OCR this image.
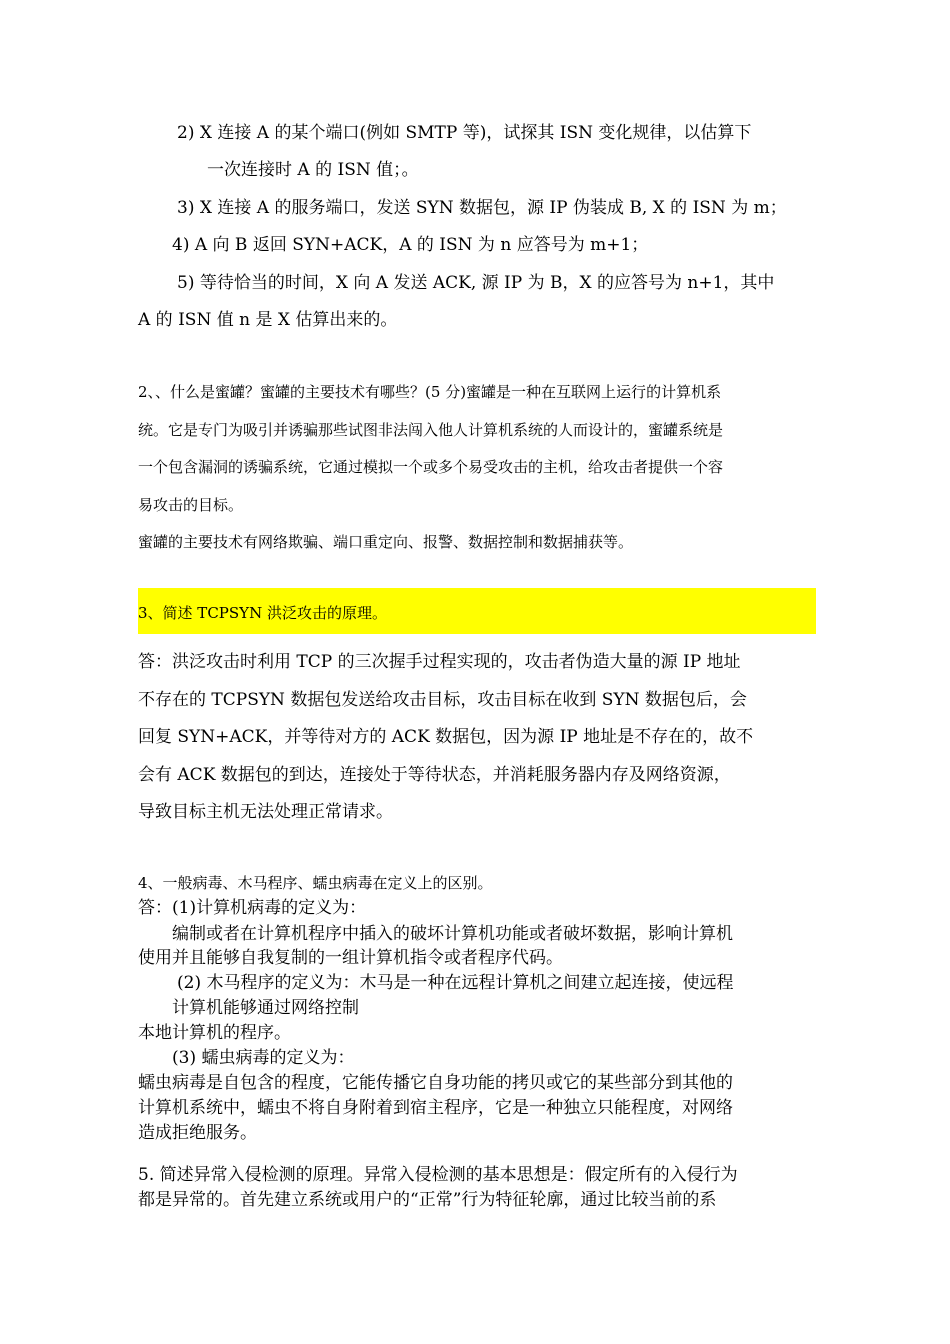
2) X 连接 A 的某个端口(例如 SMTP 等)，试探其 ISN 变化规律，以估算下
一次连接时 A 的 ISN 值；。
3) X 连接 A 的服务端口，发送 SYN 数据包，源 IP 伪装成 B, X 的 ISN 为 m；
4) A 向 B 返回 SYN+ACK，A 的 ISN 为 n 应答号为 m+1；
5) 等待恰当的时间，X 向 A 发送 ACK, 源 IP 为 B，X 的应答号为 n+1，其中
A 的 ISN 值 n 是 X 估算出来的。
2、、什么是蜜罐？蜜罐的主要技术有哪些？(5 分)蜜罐是一种在互联网上运行的计算机系
统。它是专门为吸引并诱骗那些试图非法闯入他人计算机系统的人而设计的，蜜罐系统是
一个包含漏洞的诱骗系统，它通过模拟一个或多个易受攻击的主机，给攻击者提供一个容
易攻击的目标。
蜜罐的主要技术有网络欺骗、端口重定向、报警、数据控制和数据捕获等。
3、简述 TCPSYN 洪泛攻击的原理。
答：洪泛攻击时利用 TCP 的三次握手过程实现的，攻击者伪造大量的源 IP 地址
不存在的 TCPSYN 数据包发送给攻击目标，攻击目标在收到 SYN 数据包后，会
回复 SYN+ACK，并等待对方的 ACK 数据包，因为源 IP 地址是不存在的，故不
会有 ACK 数据包的到达，连接处于等待状态，并消耗服务器内存及网络资源，
导致目标主机无法处理正常请求。
4、一般病毒、木马程序、蠕虫病毒在定义上的区别。
答：(1)计算机病毒的定义为：
编制或者在计算机程序中插入的破坏计算机功能或者破坏数据，影响计算机
使用并且能够自我复制的一组计算机指令或者程序代码。
(2) 木马程序的定义为：木马是一种在远程计算机之间建立起连接，使远程
计算机能够通过网络控制
本地计算机的程序。
(3) 蠕虫病毒的定义为：
蠕虫病毒是自包含的程度，它能传播它自身功能的拷贝或它的某些部分到其他的
计算机系统中，蠕虫不将自身附着到宿主程序，它是一种独立只能程度，对网络
造成拒绝服务。
5. 简述异常入侵检测的原理。异常入侵检测的基本思想是：假定所有的入侵行为
都是异常的。首先建立系统或用户的“正常”行为特征轮廓，通过比较当前的系
